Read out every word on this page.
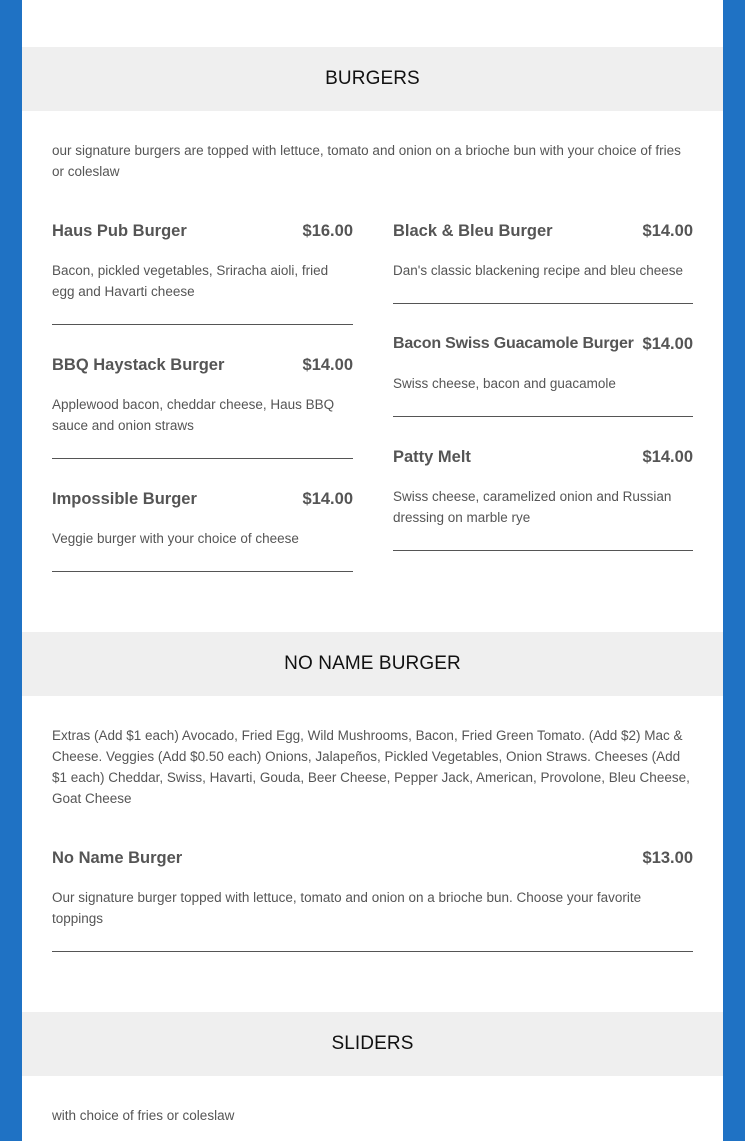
BURGERS

our signature burgers are topped with lettuce, tomato and onion on a brioche bun with your choice of fries or coleslaw

Haus Pub Burger	$16.00

Bacon, pickled vegetables, Sriracha aioli, fried egg and Havarti cheese

BBQ Haystack Burger	$14.00

Applewood bacon, cheddar cheese, Haus BBQ sauce and onion straws

Impossible Burger	$14.00

Veggie burger with your choice of cheese

Black & Bleu Burger	$14.00

Dan's classic blackening recipe and bleu cheese

Bacon Swiss Guacamole Burger $14.00

Swiss cheese, bacon and guacamole

Patty Melt	$14.00

Swiss cheese, caramelized onion and Russian dressing on marble rye

NO NAME BURGER

Extras (Add $1 each) Avocado, Fried Egg, Wild Mushrooms, Bacon, Fried Green Tomato. (Add $2) Mac & Cheese. Veggies (Add $0.50 each) Onions, Jalapeños, Pickled Vegetables, Onion Straws. Cheeses (Add $1 each) Cheddar, Swiss, Havarti, Gouda, Beer Cheese, Pepper Jack, American, Provolone, Bleu Cheese, Goat Cheese

No Name Burger	$13.00

Our signature burger topped with lettuce, tomato and onion on a brioche bun. Choose your favorite toppings

SLIDERS

with choice of fries or coleslaw
